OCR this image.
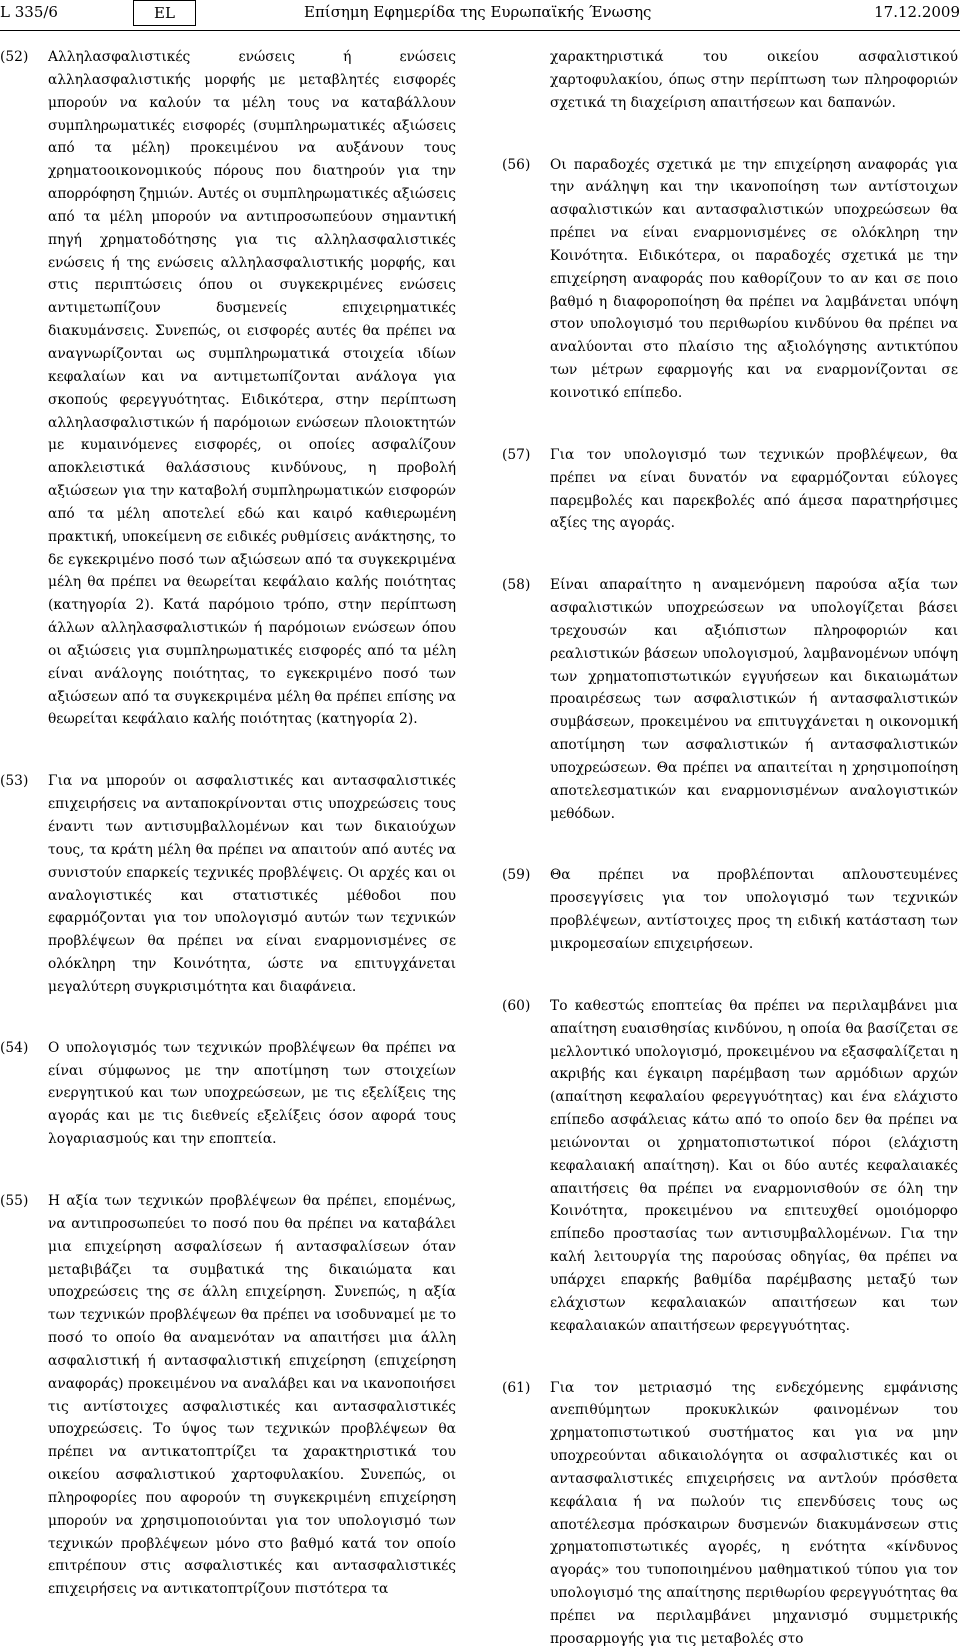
L 335/6	EL	Επίσημη Εφημερίδα της Ευρωπαϊκής Ένωσης	17.12.2009
(52) Αλληλασφαλιστικές ενώσεις ή ενώσεις αλληλασφαλιστικής μορφής με μεταβλητές εισφορές μπορούν να καλούν τα μέλη τους να καταβάλλουν συμπληρωματικές εισφορές (συμπληρωματικές αξιώσεις από τα μέλη) προκειμένου να αυξάνουν τους χρηματοοικονομικούς πόρους που διατηρούν για την απορρόφηση ζημιών. Αυτές οι συμπληρωματικές αξιώσεις από τα μέλη μπορούν να αντιπροσωπεύουν σημαντική πηγή χρηματοδότησης για τις αλληλασφαλιστικές ενώσεις ή της ενώσεις αλληλασφαλιστικής μορφής, και στις περιπτώσεις όπου οι συγκεκριμένες ενώσεις αντιμετωπίζουν δυσμενείς επιχειρηματικές διακυμάνσεις. Συνεπώς, οι εισφορές αυτές θα πρέπει να αναγνωρίζονται ως συμπληρωματικά στοιχεία ιδίων κεφαλαίων και να αντιμετωπίζονται ανάλογα για σκοπούς φερεγγυότητας. Ειδικότερα, στην περίπτωση αλληλασφαλιστικών ή παρόμοιων ενώσεων πλοιοκτητών με κυμαινόμενες εισφορές, οι οποίες ασφαλίζουν αποκλειστικά θαλάσσιους κινδύνους, η προβολή αξιώσεων για την καταβολή συμπληρωματικών εισφορών από τα μέλη αποτελεί εδώ και καιρό καθιερωμένη πρακτική, υποκείμενη σε ειδικές ρυθμίσεις ανάκτησης, το δε εγκεκριμένο ποσό των αξιώσεων από τα συγκεκριμένα μέλη θα πρέπει να θεωρείται κεφάλαιο καλής ποιότητας (κατηγορία 2). Κατά παρόμοιο τρόπο, στην περίπτωση άλλων αλληλασφαλιστικών ή παρόμοιων ενώσεων όπου οι αξιώσεις για συμπληρωματικές εισφορές από τα μέλη είναι ανάλογης ποιότητας, το εγκεκριμένο ποσό των αξιώσεων από τα συγκεκριμένα μέλη θα πρέπει επίσης να θεωρείται κεφάλαιο καλής ποιότητας (κατηγορία 2).
(53) Για να μπορούν οι ασφαλιστικές και αντασφαλιστικές επιχειρήσεις να ανταποκρίνονται στις υποχρεώσεις τους έναντι των αντισυμβαλλομένων και των δικαιούχων τους, τα κράτη μέλη θα πρέπει να απαιτούν από αυτές να συνιστούν επαρκείς τεχνικές προβλέψεις. Οι αρχές και οι αναλογιστικές και στατιστικές μέθοδοι που εφαρμόζονται για τον υπολογισμό αυτών των τεχνικών προβλέψεων θα πρέπει να είναι εναρμονισμένες σε ολόκληρη την Κοινότητα, ώστε να επιτυγχάνεται μεγαλύτερη συγκρισιμότητα και διαφάνεια.
(54) Ο υπολογισμός των τεχνικών προβλέψεων θα πρέπει να είναι σύμφωνος με την αποτίμηση των στοιχείων ενεργητικού και των υποχρεώσεων, με τις εξελίξεις της αγοράς και με τις διεθνείς εξελίξεις όσον αφορά τους λογαριασμούς και την εποπτεία.
(55) Η αξία των τεχνικών προβλέψεων θα πρέπει, επομένως, να αντιπροσωπεύει το ποσό που θα πρέπει να καταβάλει μια επιχείρηση ασφαλίσεων ή αντασφαλίσεων όταν μεταβιβάζει τα συμβατικά της δικαιώματα και υποχρεώσεις της σε άλλη επιχείρηση. Συνεπώς, η αξία των τεχνικών προβλέψεων θα πρέπει να ισοδυναμεί με το ποσό το οποίο θα αναμενόταν να απαιτήσει μια άλλη ασφαλιστική ή αντασφαλιστική επιχείρηση (επιχείρηση αναφοράς) προκειμένου να αναλάβει και να ικανοποιήσει τις αντίστοιχες ασφαλιστικές και αντασφαλιστικές υποχρεώσεις. Το ύψος των τεχνικών προβλέψεων θα πρέπει να αντικατοπτρίζει τα χαρακτηριστικά του οικείου ασφαλιστικού χαρτοφυλακίου. Συνεπώς, οι πληροφορίες που αφορούν τη συγκεκριμένη επιχείρηση μπορούν να χρησιμοποιούνται για τον υπολογισμό των τεχνικών προβλέψεων μόνο στο βαθμό κατά τον οποίο επιτρέπουν στις ασφαλιστικές και αντασφαλιστικές επιχειρήσεις να αντικατοπτρίζουν πιστότερα τα
χαρακτηριστικά του οικείου ασφαλιστικού χαρτοφυλακίου, όπως στην περίπτωση των πληροφοριών σχετικά τη διαχείριση απαιτήσεων και δαπανών.
(56) Οι παραδοχές σχετικά με την επιχείρηση αναφοράς για την ανάληψη και την ικανοποίηση των αντίστοιχων ασφαλιστικών και αντασφαλιστικών υποχρεώσεων θα πρέπει να είναι εναρμονισμένες σε ολόκληρη την Κοινότητα. Ειδικότερα, οι παραδοχές σχετικά με την επιχείρηση αναφοράς που καθορίζουν το αν και σε ποιο βαθμό η διαφοροποίηση θα πρέπει να λαμβάνεται υπόψη στον υπολογισμό του περιθωρίου κινδύνου θα πρέπει να αναλύονται στο πλαίσιο της αξιολόγησης αντικτύπου των μέτρων εφαρμογής και να εναρμονίζονται σε κοινοτικό επίπεδο.
(57) Για τον υπολογισμό των τεχνικών προβλέψεων, θα πρέπει να είναι δυνατόν να εφαρμόζονται εύλογες παρεμβολές και παρεκβολές από άμεσα παρατηρήσιμες αξίες της αγοράς.
(58) Είναι απαραίτητο η αναμενόμενη παρούσα αξία των ασφαλιστικών υποχρεώσεων να υπολογίζεται βάσει τρεχουσών και αξιόπιστων πληροφοριών και ρεαλιστικών βάσεων υπολογισμού, λαμβανομένων υπόψη των χρηματοπιστωτικών εγγυήσεων και δικαιωμάτων προαιρέσεως των ασφαλιστικών ή αντασφαλιστικών συμβάσεων, προκειμένου να επιτυγχάνεται η οικονομική αποτίμηση των ασφαλιστικών ή αντασφαλιστικών υποχρεώσεων. Θα πρέπει να απαιτείται η χρησιμοποίηση αποτελεσματικών και εναρμονισμένων αναλογιστικών μεθόδων.
(59) Θα πρέπει να προβλέπονται απλουστευμένες προσεγγίσεις για τον υπολογισμό των τεχνικών προβλέψεων, αντίστοιχες προς τη ειδική κατάσταση των μικρομεσαίων επιχειρήσεων.
(60) Το καθεστώς εποπτείας θα πρέπει να περιλαμβάνει μια απαίτηση ευαισθησίας κινδύνου, η οποία θα βασίζεται σε μελλοντικό υπολογισμό, προκειμένου να εξασφαλίζεται η ακριβής και έγκαιρη παρέμβαση των αρμόδιων αρχών (απαίτηση κεφαλαίου φερεγγυότητας) και ένα ελάχιστο επίπεδο ασφάλειας κάτω από το οποίο δεν θα πρέπει να μειώνονται οι χρηματοπιστωτικοί πόροι (ελάχιστη κεφαλαιακή απαίτηση). Και οι δύο αυτές κεφαλαιακές απαιτήσεις θα πρέπει να εναρμονισθούν σε όλη την Κοινότητα, προκειμένου να επιτευχθεί ομοιόμορφο επίπεδο προστασίας των αντισυμβαλλομένων. Για την καλή λειτουργία της παρούσας οδηγίας, θα πρέπει να υπάρχει επαρκής βαθμίδα παρέμβασης μεταξύ των ελάχιστων κεφαλαιακών απαιτήσεων και των κεφαλαιακών απαιτήσεων φερεγγυότητας.
(61) Για τον μετριασμό της ενδεχόμενης εμφάνισης ανεπιθύμητων προκυκλικών φαινομένων του χρηματοπιστωτικού συστήματος και για να μην υποχρεούνται αδικαιολόγητα οι ασφαλιστικές και οι αντασφαλιστικές επιχειρήσεις να αντλούν πρόσθετα κεφάλαια ή να πωλούν τις επενδύσεις τους ως αποτέλεσμα πρόσκαιρων δυσμενών διακυμάνσεων στις χρηματοπιστωτικές αγορές, η ενότητα «κίνδυνος αγοράς» του τυποποιημένου μαθηματικού τύπου για τον υπολογισμό της απαίτησης περιθωρίου φερεγγυότητας θα πρέπει να περιλαμβάνει μηχανισμό συμμετρικής προσαρμογής για τις μεταβολές στο
